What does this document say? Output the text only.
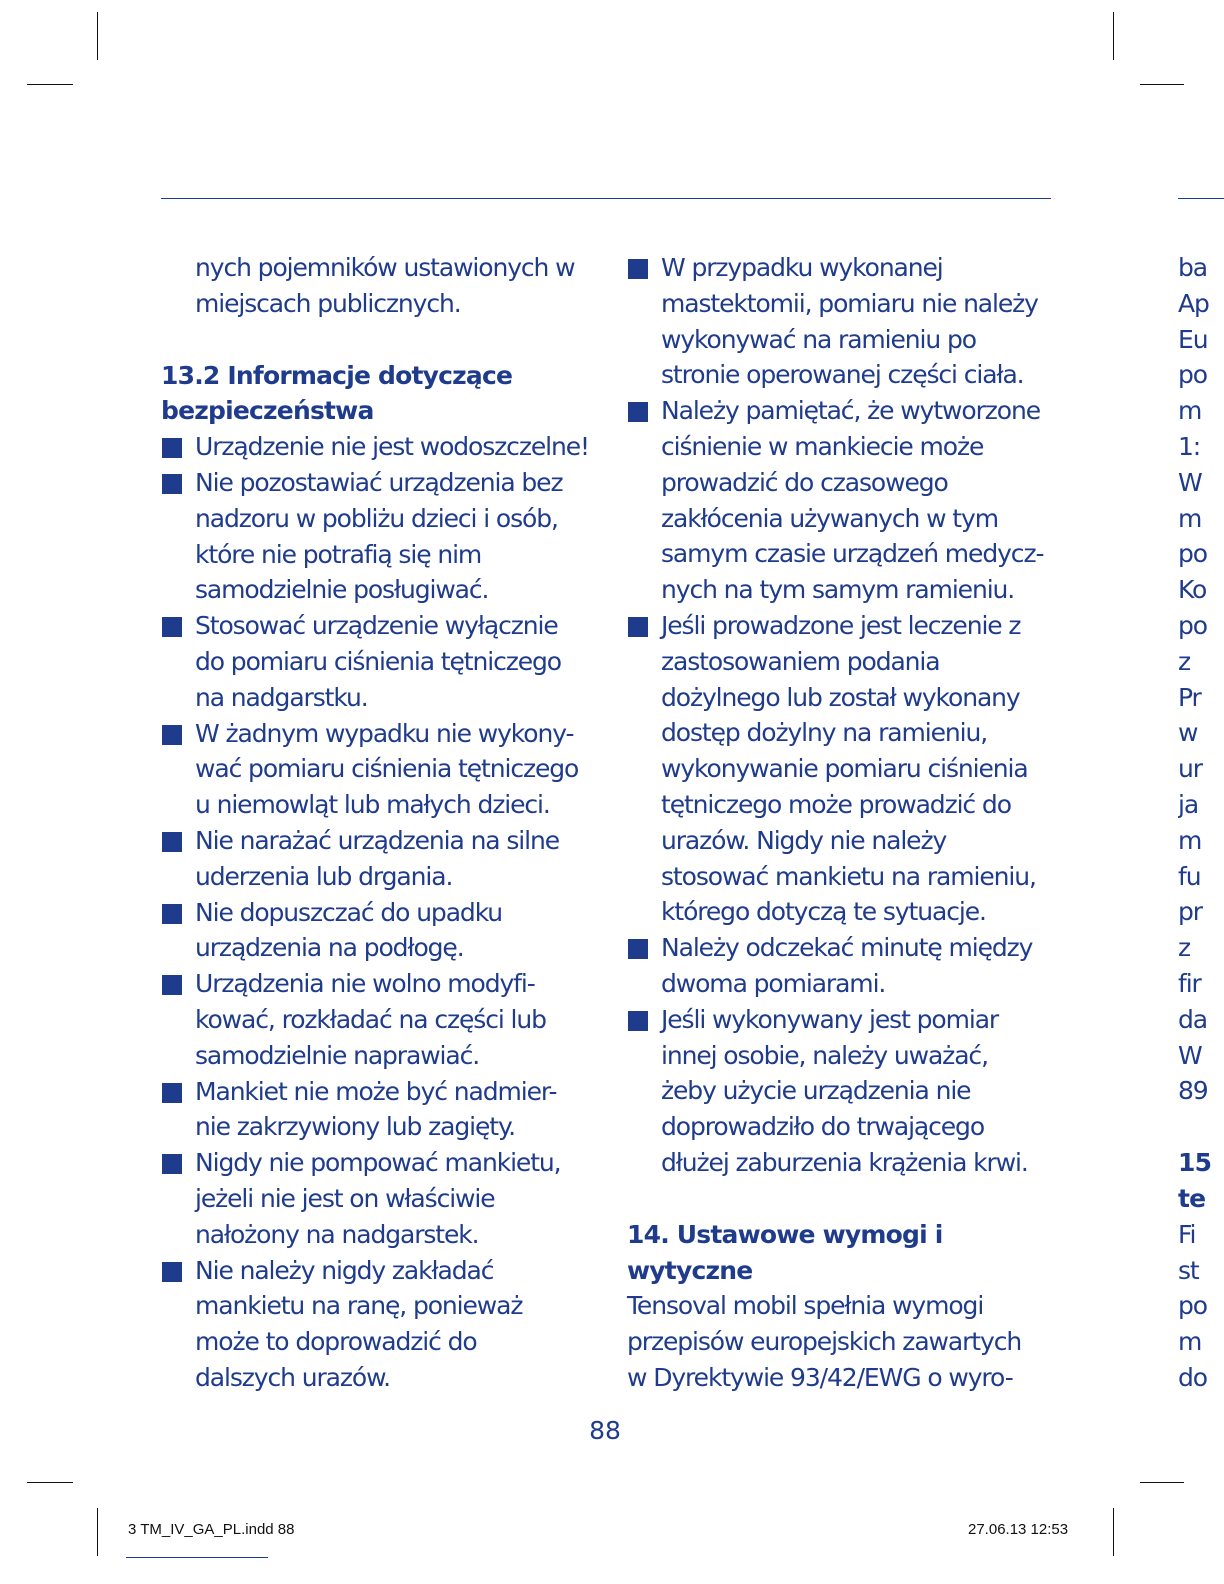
nych pojemników ustawionych w
miejscach publicznych.
13.2 Informacje dotyczące
bezpieczeństwa
Urządzenie nie jest wodoszczelne!
Nie pozostawiać urządzenia bez
nadzoru w pobliżu dzieci i osób,
które nie potrafią się nim
samodzielnie posługiwać.
Stosować urządzenie wyłącznie
do pomiaru ciśnienia tętniczego
na nadgarstku.
W żadnym wypadku nie wykony-
wać pomiaru ciśnienia tętniczego
u niemowląt lub małych dzieci.
Nie narażać urządzenia na silne
uderzenia lub drgania.
Nie dopuszczać do upadku
urządzenia na podłogę.
Urządzenia nie wolno modyfi-
kować, rozkładać na części lub
samodzielnie naprawiać.
Mankiet nie może być nadmier-
nie zakrzywiony lub zagięty.
Nigdy nie pompować mankietu,
jeżeli nie jest on właściwie
nałożony na nadgarstek.
Nie należy nigdy zakładać
mankietu na ranę, ponieważ
może to doprowadzić do
dalszych urazów.
W przypadku wykonanej
mastektomii, pomiaru nie należy
wykonywać na ramieniu po
stronie operowanej części ciała.
Należy pamiętać, że wytworzone
ciśnienie w mankiecie może
prowadzić do czasowego
zakłócenia używanych w tym
samym czasie urządzeń medycz-
nych na tym samym ramieniu.
Jeśli prowadzone jest leczenie z
zastosowaniem podania
dożylnego lub został wykonany
dostęp dożylny na ramieniu,
wykonywanie pomiaru ciśnienia
tętniczego może prowadzić do
urazów. Nigdy nie należy
stosować mankietu na ramieniu,
którego dotyczą te sytuacje.
Należy odczekać minutę między
dwoma pomiarami.
Jeśli wykonywany jest pomiar
innej osobie, należy uważać,
żeby użycie urządzenia nie
doprowadziło do trwającego
dłużej zaburzenia krążenia krwi.
14. Ustawowe wymogi i
wytyczne
Tensoval mobil spełnia wymogi
przepisów europejskich zawartych
w Dyrektywie 93/42/EWG o wyro-
ba
Ap
Eu
po
m
1:
W
m
po
Ko
po
z
Pr
w
ur
ja
m
fu
pr
z
fir
da
W
89
15
te
Fi
st
po
m
do
88
3 TM_IV_GA_PL.indd 88	27.06.13 12:53
